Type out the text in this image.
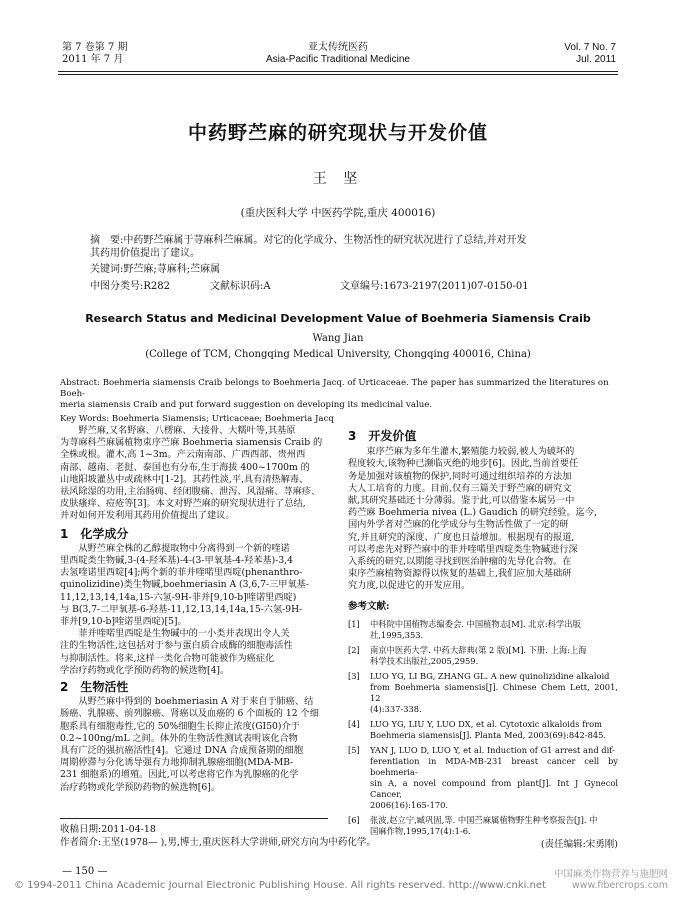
第 7 卷第 7 期
2011 年 7 月
亚太传统医药
Asia-Pacific Traditional Medicine
Vol. 7 No. 7
Jul. 2011
中药野苎麻的研究现状与开发价值
王 坚
(重庆医科大学 中医药学院,重庆 400016)
摘　要:中药野苎麻属于荨麻科苎麻属。对它的化学成分、生物活性的研究状况进行了总结,并对开发
其药用价值提出了建议。
关键词:野苎麻;荨麻科;苎麻属
中图分类号:R282	文献标识码:A	文章编号:1673-2197(2011)07-0150-01
Research Status and Medicinal Development Value of Boehmeria Siamensis Craib
Wang Jian
(College of TCM, Chongqing Medical University, Chongqing 400016, China)
Abstract: Boehmeria siamensis Craib belongs to Boehmeria Jacq. of Urticaceae. The paper has summarized the literatures on Boeh-
meria siamensis Craib and put forward suggestion on developing its medicinal value.
Key Words: Boehmeria Siamensis; Urticaceae; Boehmeria Jacq
野苎麻,又名野麻、八楞麻、大接骨、大糯叶等,其基原
为荨麻科苎麻属植物束序苎麻 Boehmeria siamensis Craib 的
全株或根。灌木,高 1~3m。产云南南部、广西西部、贵州西
南部、越南、老挝、泰国也有分布,生于海拔 400~1700m 的
山地阳坡灌丛中或疏林中[1-2]。其药性淡,平,具有清热解毒、
祛风除湿的功用,主治肠痈、经闭腹痛、泄泻、风湿痛、荨麻疹、
皮肤瘙痒、痘疮等[3]。本文对野苎麻的研究现状进行了总结,
并对如何开发利用其药用价值提出了建议。
1　化学成分
从野苎麻全株的乙醇提取物中分离得到一个新的喹诺
里西啶类生物碱,3-(4-羟苯基)-4-(3-甲氧基-4-羟苯基)-3,4
去氢喹诺里西啶[4];两个新的菲并喹喏里西啶(phenanthro-
quinolizidine)类生物碱,boehmeriasin A (3,6,7-三甲氧基-
11,12,13,14,14a,15-六氢-9H-菲并[9,10-b]喹诺里西啶)
与 B(3,7-二甲氧基-6-羟基-11,12,13,14,14a,15-六氢-9H-
菲并[9,10-b]喹诺里西啶)[5]。
菲并喹喏里西啶是生物碱中的一小类并表现出令人关
注的生物活性,这包括对于参与蛋白质合成酶的细胞毒活性
与抑制活性。将来,这样一类化合物可能被作为癌症化
学治疗药物或化学预防药物的候选物[4]。
2　生物活性
从野苎麻中得到的 boehmeriasin A 对于来自于肺癌、结
肠癌、乳腺癌、前列腺癌、肾癌以及血癌的 6 个面板的 12 个细
胞系具有细胞毒性,它的 50%细胞生长抑止浓度(GI50)介于
0.2~100ng/mL 之间。体外的生物活性测试表明该化合物
具有广泛的强抗癌活性[4]。它通过 DNA 合成预备期的细胞
周期停滞与分化诱导强有力地抑制乳腺癌细胞(MDA-MB-
231 细胞系)的增殖。因此,可以考虑将它作为乳腺癌的化学
治疗药物或化学预防药物的候选物[6]。
3　开发价值
束序苎麻为多年生灌木,繁殖能力较弱,被人为破坏的
程度较大,该物种已濒临灭绝的地步[6]。因此,当前首要任
务是加强对该植物的保护,同时可通过组织培养的方法加
大人工培育的力度。目前,仅有三篇关于野苎麻的研究文
献,其研究基础还十分薄弱。鉴于此,可以借鉴本属另一中
药苎麻 Boehmeria nivea (L.) Gaudich 的研究经验。迄今,
国内外学者对苎麻的化学成分与生物活性做了一定的研
究,并且研究的深度、广度也日益增加。根据现有的报道,
可以考虑先对野苎麻中的菲并喹喏里西啶类生物碱进行深
入系统的研究,以期能寻找到医治肿瘤的先导化合物。在
束序苎麻植物资源得以恢复的基础上,我们应加大基础研
究力度,以促进它的开发应用。
参考文献:
[1] 中科院中国植物志编委会. 中国植物志[M]. 北京:科学出版
社,1995,353.
[2] 南京中医药大学. 中药大辞典(第 2 版)[M]. 下册. 上海:上海
科学技术出版社,2005,2959.
[3] LUO YG, LI BG, ZHANG GL. A new quinolizidine alkaloid
from Boehmeria siamensis[J]. Chinese Chem Lett, 2001, 12
(4):337-338.
[4] LUO YG, LIU Y, LUO DX, et al. Cytotoxic alkaloids from
Boehmeria siamensis[J]. Planta Med, 2003(69):842-845.
[5] YAN J, LUO D, LUO Y, et al. Induction of G1 arrest and dif-
ferentiation in MDA-MB-231 breast cancer cell by boehmeria-
sin A, a novel compound from plant[J]. Int J Gynecol Cancer,
2006(16):165-170.
[6] 张波,赵立宁,臧巩固,等. 中国苎麻属植物野生种考察报告[J]. 中
国麻作物,1995,17(4):1-6.
(责任编辑:宋勇刚)
收稿日期:2011-04-18
作者简介:王坚(1978— ),男,博士,重庆医科大学讲师,研究方向为中药化学。
— 150 —
© 1994-2011 China Academic Journal Electronic Publishing House. All rights reserved. http://www.cnki.net
中国麻类作物营养与施肥网
www.fibercrops.com
